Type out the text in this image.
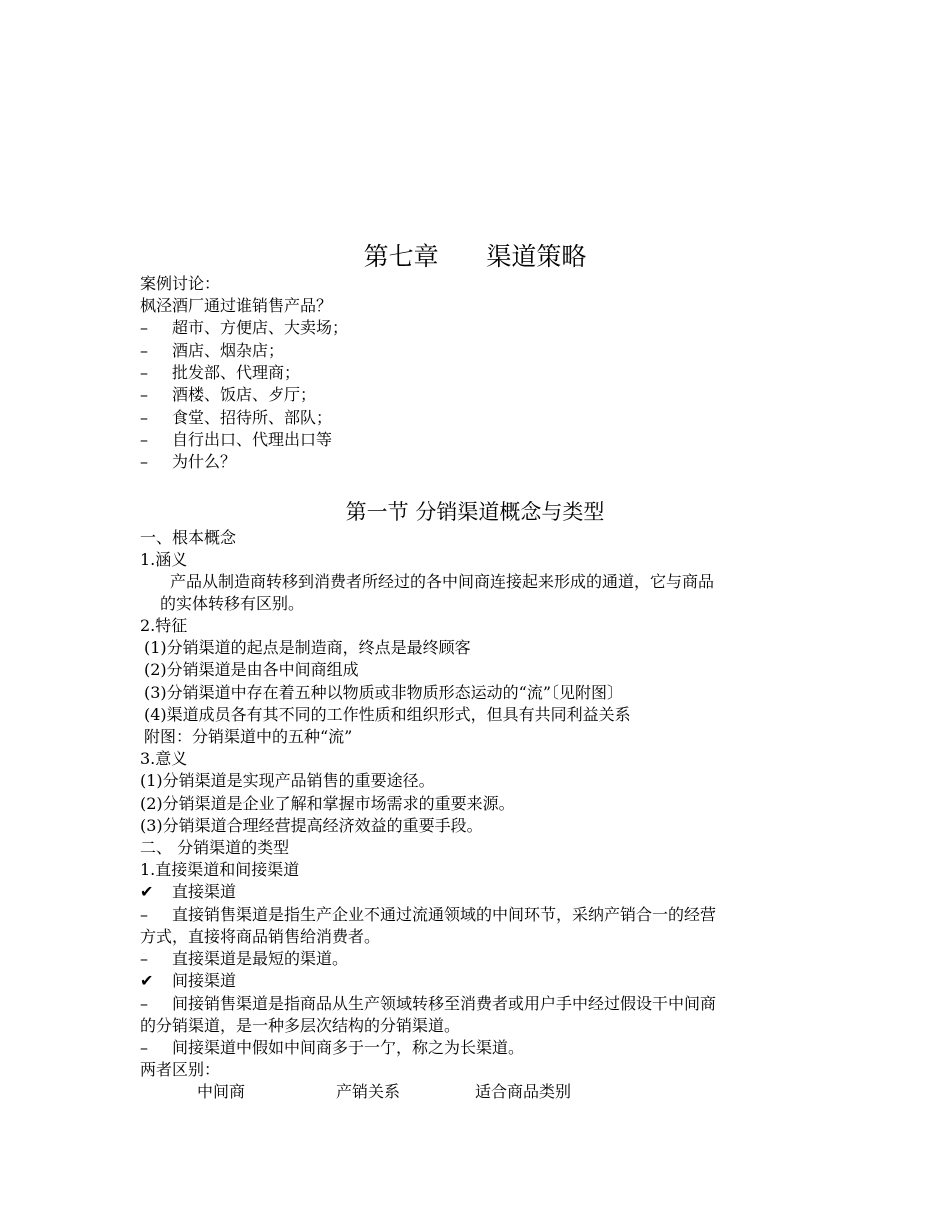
第七章      渠道策略
案例讨论：
枫泾酒厂通过谁销售产品？
– 超市、方便店、大卖场；
– 酒店、烟杂店；
– 批发部、代理商；
– 酒楼、饭店、歺厅；
– 食堂、招待所、部队；
– 自行出口、代理出口等
– 为什么？
第一节 分销渠道概念与类型
一、根本概念
1.涵义
产品从制造商转移到消费者所经过的各中间商连接起来形成的通道，它与商品
的实体转移有区别。
2.特征
(1)分销渠道的起点是制造商，终点是最终顾客
(2)分销渠道是由各中间商组成
(3)分销渠道中存在着五种以物质或非物质形态运动的“流”〔见附图〕
(4)渠道成员各有其不同的工作性质和组织形式，但具有共同利益关系
附图：分销渠道中的五种“流”
3.意义
(1)分销渠道是实现产品销售的重要途径。
(2)分销渠道是企业了解和掌握市场需求的重要来源。
(3)分销渠道合理经营提高经济效益的重要手段。
二、 分销渠道的类型
1.直接渠道和间接渠道
✔ 直接渠道
– 直接销售渠道是指生产企业不通过流通领域的中间环节，采纳产销合一的经营
方式，直接将商品销售给消费者。
– 直接渠道是最短的渠道。
✔ 间接渠道
– 间接销售渠道是指商品从生产领域转移至消费者或用户手中经过假设干中间商
的分销渠道，是一种多层次结构的分销渠道。
– 间接渠道中假如中间商多于一亇，称之为长渠道。
两者区别：
中间商	产销关系	适合商品类别
